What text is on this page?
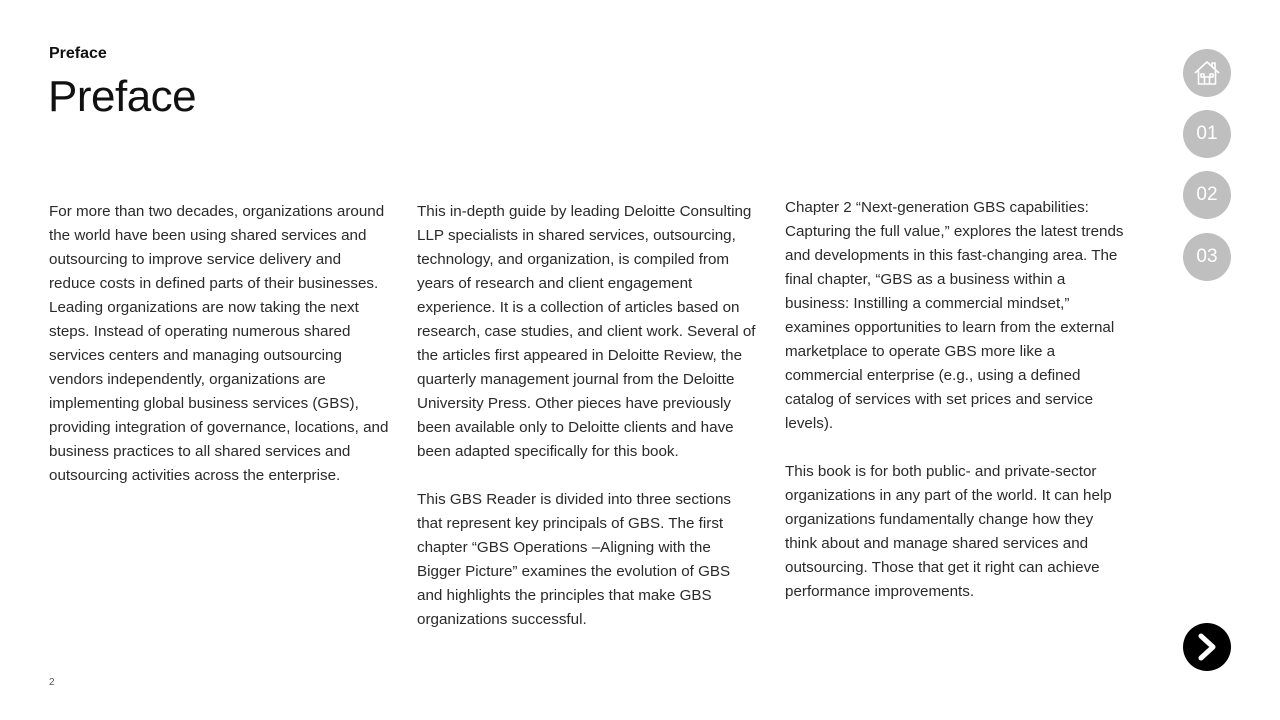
Preface
Preface

For more than two decades, organizations around the world have been using shared services and outsourcing to improve service delivery and reduce costs in defined parts of their businesses. Leading organizations are now taking the next steps. Instead of operating numerous shared services centers and managing outsourcing vendors independently, organizations are implementing global business services (GBS), providing integration of governance, locations, and business practices to all shared services and outsourcing activities across the enterprise.

This in-depth guide by leading Deloitte Consulting LLP specialists in shared services, outsourcing, technology, and organization, is compiled from years of research and client engagement experience. It is a collection of articles based on research, case studies, and client work. Several of the articles first appeared in Deloitte Review, the quarterly management journal from the Deloitte University Press. Other pieces have previously been available only to Deloitte clients and have been adapted specifically for this book.

This GBS Reader is divided into three sections that represent key principals of GBS. The first chapter “GBS Operations –Aligning with the Bigger Picture” examines the evolution of GBS and highlights the principles that make GBS organizations successful.

Chapter 2 “Next-generation GBS capabilities: Capturing the full value,” explores the latest trends and developments in this fast-changing area. The final chapter, “GBS as a business within a business: Instilling a commercial mindset,” examines opportunities to learn from the external marketplace to operate GBS more like a commercial enterprise (e.g., using a defined catalog of services with set prices and service levels).

This book is for both public- and private-sector organizations in any part of the world. It can help organizations fundamentally change how they think about and manage shared services and outsourcing. Those that get it right can achieve performance improvements.

01
02
03
2
